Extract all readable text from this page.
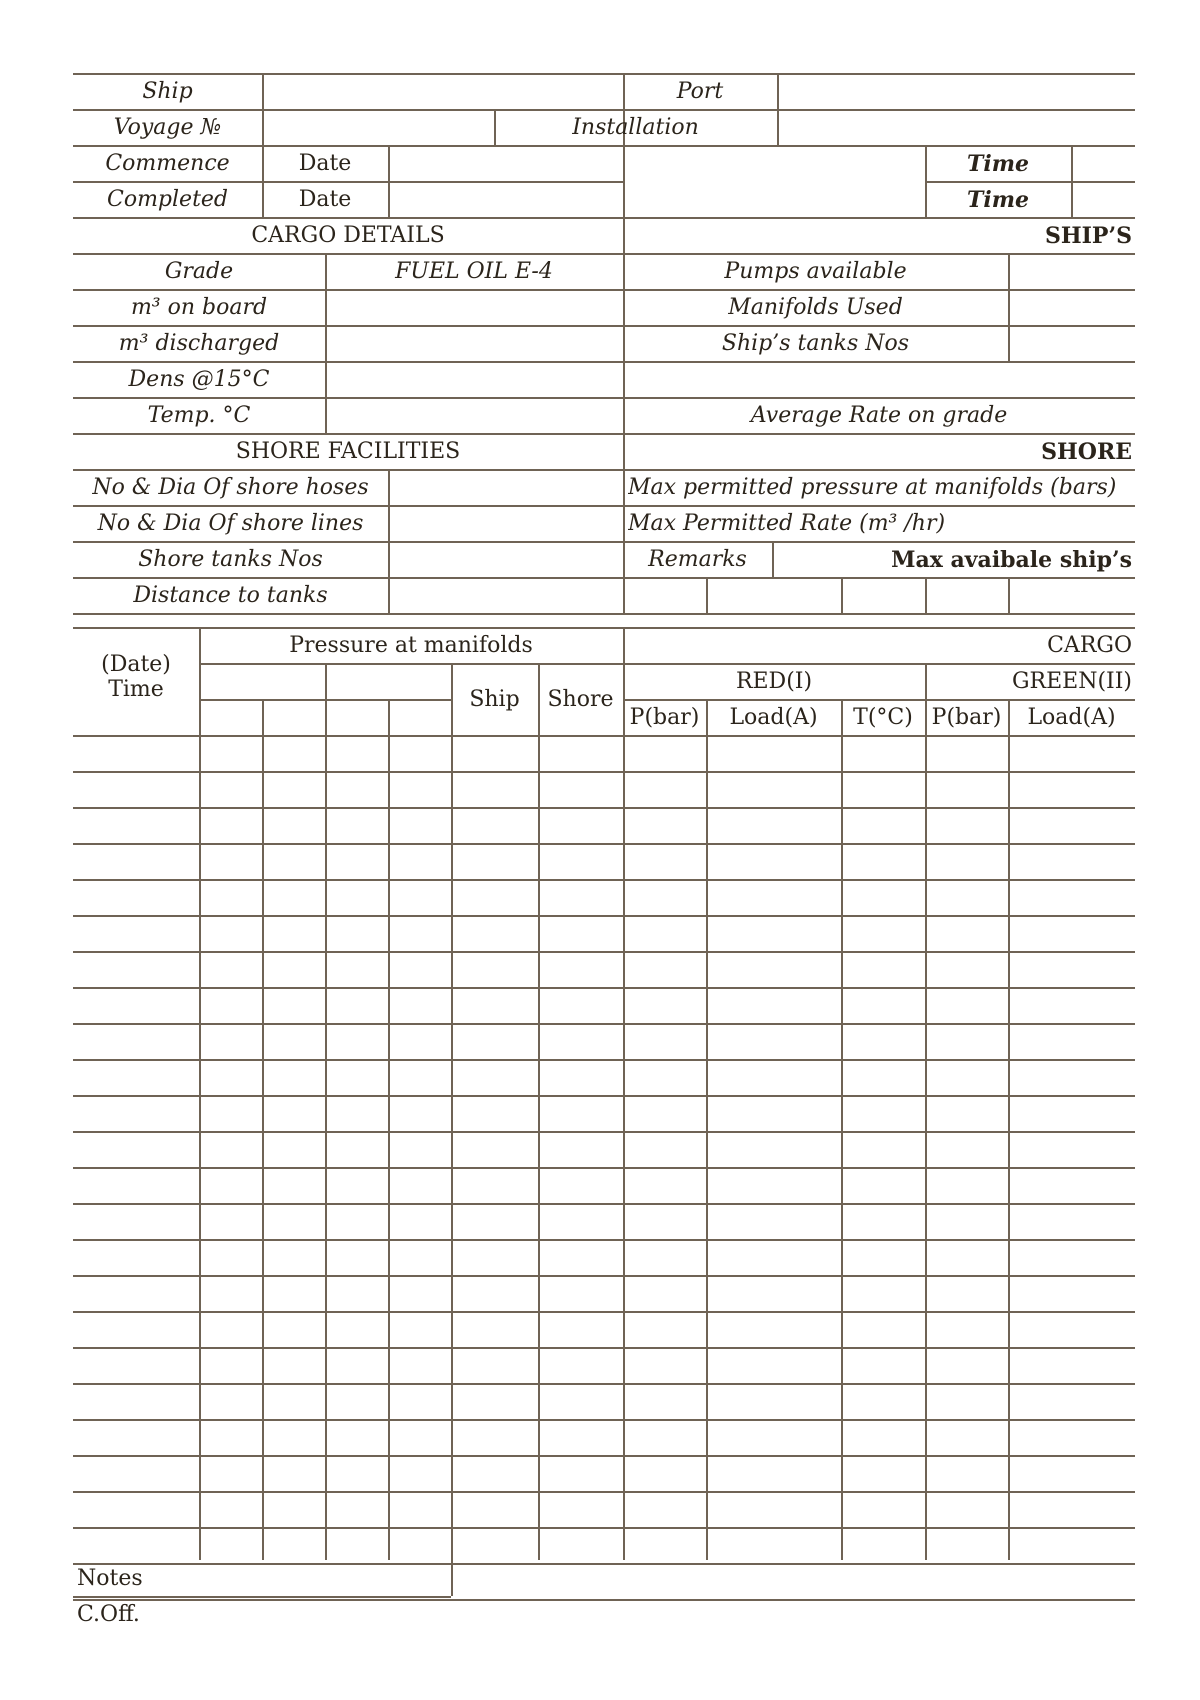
Ship	Port
Voyage №	Installation
Commence	Date	Time
Completed	Date	Time
CARGO DETAILS	SHIP’S
Grade	FUEL OIL E-4	Pumps available
m³ on board	Manifolds Used
m³ discharged	Ship’s tanks Nos
Dens @15°C
Temp. °C	Average Rate on grade
SHORE FACILITIES	SHORE
No & Dia Of shore hoses	Max permitted pressure at manifolds (bars)
No & Dia Of shore lines	Max Permitted Rate (m³ /hr)
Shore tanks Nos	Remarks	Max avaibale ship’s
Distance to tanks
(Date)
Time
Pressure at manifolds	CARGO
Ship	Shore
RED(I)	GREEN(II)
P(bar)	Load(A)	T(°C) P(bar)	Load(A)
Notes
C.Off.
